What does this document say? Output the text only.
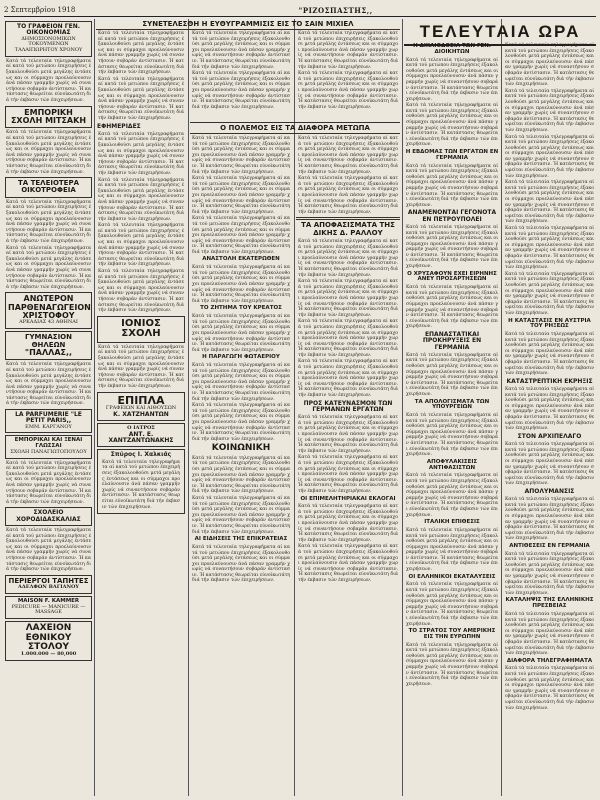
2 Σεπτεμβρίου 1918	"ΡΙΖΟΣΠΑΣΤΗΣ,,
ΤΟ ΓΡΑΦΕΙΟΝ ΓΕΝ. ΟΙΚΟΝΟΜΙΑΣ
ΔΗΜΟΣΙΟΝΟΜΙΚΩΝ ΤΟΚΟΥΜΕΝΩΝ ΤΑΛΑΙΠΩΡΗΤΟΥ ΧΡΟΝΟΥ
Κατά τά τελευταία τηλεγραφήματα αί κατά τού μετώπου έπιχειρήσεις έξακολουθούσι μετά μεγάλης έντάσεως και οι σύμμαχοι προελαύνουσιν άνά πάσαν γραμμήν χωρίς νά συναντήσουν σοβαράν άντίστασιν. Ή κατάστασις θεωρείται εύνοϊκωτάτη διά τήν έκβασιν τών έπιχειρήσεων.
ΕΜΠΟΡΙΚΗ ΣΧΟΛΗ ΜΙΤΣΑΚΗ
Κατά τά τελευταία τηλεγραφήματα αί κατά τού μετώπου έπιχειρήσεις έξακολουθούσι μετά μεγάλης έντάσεως και οι σύμμαχοι προελαύνουσιν άνά πάσαν γραμμήν χωρίς νά συναντήσουν σοβαράν άντίστασιν. Ή κατάστασις θεωρείται εύνοϊκωτάτη διά τήν έκβασιν τών έπιχειρήσεων.
ΤΑ ΤΕΛΕΙΟΤΕΡΑ ΟΙΚΟΤΡΟΦΕΙΑ
Κατά τά τελευταία τηλεγραφήματα αί κατά τού μετώπου έπιχειρήσεις έξακολουθούσι μετά μεγάλης έντάσεως και οι σύμμαχοι προελαύνουσιν άνά πάσαν γραμμήν χωρίς νά συναντήσουν σοβαράν άντίστασιν. Ή κατάστασις θεωρείται εύνοϊκωτάτη διά τήν έκβασιν τών έπιχειρήσεων.
Κατά τά τελευταία τηλεγραφήματα αί κατά τού μετώπου έπιχειρήσεις έξακολουθούσι μετά μεγάλης έντάσεως και οι σύμμαχοι προελαύνουσιν άνά πάσαν γραμμήν χωρίς νά συναντήσουν σοβαράν άντίστασιν. Ή κατάστασις θεωρείται εύνοϊκωτάτη διά τήν έκβασιν τών έπιχειρήσεων.
ΑΝΩΤΕΡΟΝ ΠΑΡΘΕΝΑΓΩΓΕΙΟΝ ΧΡΙΣΤΟΦΟΥ
ΑΡΚΑΔΙΑΣ 43 ΑΘΗΝΑΙ
ΓΥΜΝΑΣΙΟΝ ΘΗΛΕΩΝ
"ΠΑΛΛΑΣ,,
Κατά τά τελευταία τηλεγραφήματα αί κατά τού μετώπου έπιχειρήσεις έξακολουθούσι μετά μεγάλης έντάσεως και οι σύμμαχοι προελαύνουσιν άνά πάσαν γραμμήν χωρίς νά συναντήσουν σοβαράν άντίστασιν. Ή κατάστασις θεωρείται εύνοϊκωτάτη διά τήν έκβασιν τών έπιχειρήσεων.
LA PARFUMERIE "LE PETIT PARIS,,
ΕΜΜ. ΚΑΡΓΑΝΟΥ
ΕΜΠΟΡΙΚΑΙ ΚΑΙ ΞΕΝΑΙ ΓΛΩΣΣΑΙ
ΣΧΟΛΗ ΠΑΝΑΓΙΩΤΟΠΟΥΛΟΥ
Κατά τά τελευταία τηλεγραφήματα αί κατά τού μετώπου έπιχειρήσεις έξακολουθούσι μετά μεγάλης έντάσεως και οι σύμμαχοι προελαύνουσιν άνά πάσαν γραμμήν χωρίς νά συναντήσουν σοβαράν άντίστασιν. Ή κατάστασις θεωρείται εύνοϊκωτάτη διά τήν έκβασιν τών έπιχειρήσεων.
ΣΧΟΛΕΙΟ ΧΟΡΟΔΙΔΑΣΚΑΛΙΑΣ
Κατά τά τελευταία τηλεγραφήματα αί κατά τού μετώπου έπιχειρήσεις έξακολουθούσι μετά μεγάλης έντάσεως και οι σύμμαχοι προελαύνουσιν άνά πάσαν γραμμήν χωρίς νά συναντήσουν σοβαράν άντίστασιν. Ή κατάστασις θεωρείται εύνοϊκωτάτη διά τήν έκβασιν τών έπιχειρήσεων.
ΠΕΡΙΕΡΓΟΙ ΤΑΠΗΤΕΣ
ΑΔΕΛΦΩΝ ΒΑΓΙΑΝΟΥ
MAISON F. KAMMER
PEDICURE — MANICURE — MASSAGE
ΛΑΧΕΙΟΝ ΕΘΝΙΚΟΥ ΣΤΟΛΟΥ
1.000.000 — 80,000
ΣΥΝΕΤΕΛΕΣΘΗ Η ΕΥΘΥΓΡΑΜΜΙΣΙΣ ΕΙΣ ΤΟ ΣΑΙΝ ΜΙΧΙΕΛ
Κατά τά τελευταία τηλεγραφήματα αί κατά τού μετώπου έπιχειρήσεις έξακολουθούσι μετά μεγάλης έντάσεως και οι σύμμαχοι προελαύνουσιν άνά πάσαν γραμμήν χωρίς νά συναντήσουν σοβαράν άντίστασιν. Ή κατάστασις θεωρείται εύνοϊκωτάτη διά τήν έκβασιν τών έπιχειρήσεων.
Κατά τά τελευταία τηλεγραφήματα αί κατά τού μετώπου έπιχειρήσεις έξακολουθούσι μετά μεγάλης έντάσεως και οι σύμμαχοι προελαύνουσιν άνά πάσαν γραμμήν χωρίς νά συναντήσουν σοβαράν άντίστασιν. Ή κατάστασις θεωρείται εύνοϊκωτάτη διά τήν έκβασιν τών έπιχειρήσεων.
ΕΦΗΜΕΡΙΔΕΣ
Κατά τά τελευταία τηλεγραφήματα αί κατά τού μετώπου έπιχειρήσεις έξακολουθούσι μετά μεγάλης έντάσεως και οι σύμμαχοι προελαύνουσιν άνά πάσαν γραμμήν χωρίς νά συναντήσουν σοβαράν άντίστασιν. Ή κατάστασις θεωρείται εύνοϊκωτάτη διά τήν έκβασιν τών έπιχειρήσεων.
Κατά τά τελευταία τηλεγραφήματα αί κατά τού μετώπου έπιχειρήσεις έξακολουθούσι μετά μεγάλης έντάσεως και οι σύμμαχοι προελαύνουσιν άνά πάσαν γραμμήν χωρίς νά συναντήσουν σοβαράν άντίστασιν. Ή κατάστασις θεωρείται εύνοϊκωτάτη διά τήν έκβασιν τών έπιχειρήσεων.
Κατά τά τελευταία τηλεγραφήματα αί κατά τού μετώπου έπιχειρήσεις έξακολουθούσι μετά μεγάλης έντάσεως και οι σύμμαχοι προελαύνουσιν άνά πάσαν γραμμήν χωρίς νά συναντήσουν σοβαράν άντίστασιν. Ή κατάστασις θεωρείται εύνοϊκωτάτη διά τήν έκβασιν τών έπιχειρήσεων.
Κατά τά τελευταία τηλεγραφήματα αί κατά τού μετώπου έπιχειρήσεις έξακολουθούσι μετά μεγάλης έντάσεως και οι σύμμαχοι προελαύνουσιν άνά πάσαν γραμμήν χωρίς νά συναντήσουν σοβαράν άντίστασιν. Ή κατάστασις θεωρείται εύνοϊκωτάτη διά τήν έκβασιν τών έπιχειρήσεων.
ΙΟΝΙΟΣ ΣΧΟΛΗ
Κατά τά τελευταία τηλεγραφήματα αί κατά τού μετώπου έπιχειρήσεις έξακολουθούσι μετά μεγάλης έντάσεως και οι σύμμαχοι προελαύνουσιν άνά πάσαν γραμμήν χωρίς νά συναντήσουν σοβαράν άντίστασιν. Ή κατάστασις θεωρείται εύνοϊκωτάτη διά τήν έκβασιν τών έπιχειρήσεων.
ΕΠΙΠΛΑ
ΓΡΑΦΕΙΩΝ ΚΑΙ ΑΙΘΟΥΣΩΝ
Κ. ΧΑΤΖΗΑΝΤΩΝ
Ο ΙΑΤΡΟΣ
ΑΝΤ. Ε. ΧΑΝΤΖΑΝΤΩΝΑΚΗΣ
Σπύρος Ι. Χαλκιάς
Κατά τά τελευταία τηλεγραφήματα αί κατά τού μετώπου έπιχειρήσεις έξακολουθούσι μετά μεγάλης έντάσεως και οι σύμμαχοι προελαύνουσιν άνά πάσαν γραμμήν χωρίς νά συναντήσουν σοβαράν άντίστασιν. Ή κατάστασις θεωρείται εύνοϊκωτάτη διά τήν έκβασιν τών έπιχειρήσεων.
Κατά τά τελευταία τηλεγραφήματα αί κατά τού μετώπου έπιχειρήσεις έξακολουθούσι μετά μεγάλης έντάσεως και οι σύμμαχοι προελαύνουσιν άνά πάσαν γραμμήν χωρίς νά συναντήσουν σοβαράν άντίστασιν. Ή κατάστασις θεωρείται εύνοϊκωτάτη διά τήν έκβασιν τών έπιχειρήσεων.
Κατά τά τελευταία τηλεγραφήματα αί κατά τού μετώπου έπιχειρήσεις έξακολουθούσι μετά μεγάλης έντάσεως και οι σύμμαχοι προελαύνουσιν άνά πάσαν γραμμήν χωρίς νά συναντήσουν σοβαράν άντίστασιν. Ή κατάστασις θεωρείται εύνοϊκωτάτη διά τήν έκβασιν τών έπιχειρήσεων.
Ο ΠΟΛΕΜΟΣ ΕΙΣ ΤΑ ΔΙΑΦΟΡΑ ΜΕΤΩΠΑ
Κατά τά τελευταία τηλεγραφήματα αί κατά τού μετώπου έπιχειρήσεις έξακολουθούσι μετά μεγάλης έντάσεως και οι σύμμαχοι προελαύνουσιν άνά πάσαν γραμμήν χωρίς νά συναντήσουν σοβαράν άντίστασιν. Ή κατάστασις θεωρείται εύνοϊκωτάτη διά τήν έκβασιν τών έπιχειρήσεων.
Κατά τά τελευταία τηλεγραφήματα αί κατά τού μετώπου έπιχειρήσεις έξακολουθούσι μετά μεγάλης έντάσεως και οι σύμμαχοι προελαύνουσιν άνά πάσαν γραμμήν χωρίς νά συναντήσουν σοβαράν άντίστασιν. Ή κατάστασις θεωρείται εύνοϊκωτάτη διά τήν έκβασιν τών έπιχειρήσεων.
Κατά τά τελευταία τηλεγραφήματα αί κατά τού μετώπου έπιχειρήσεις έξακολουθούσι μετά μεγάλης έντάσεως και οι σύμμαχοι προελαύνουσιν άνά πάσαν γραμμήν χωρίς νά συναντήσουν σοβαράν άντίστασιν. Ή κατάστασις θεωρείται εύνοϊκωτάτη διά τήν έκβασιν τών έπιχειρήσεων.
ΑΝΑΣΤΟΛΗ ΕΚΑΤΕΡΩΘΕΝ
Κατά τά τελευταία τηλεγραφήματα αί κατά τού μετώπου έπιχειρήσεις έξακολουθούσι μετά μεγάλης έντάσεως και οι σύμμαχοι προελαύνουσιν άνά πάσαν γραμμήν χωρίς νά συναντήσουν σοβαράν άντίστασιν. Ή κατάστασις θεωρείται εύνοϊκωτάτη διά τήν έκβασιν τών έπιχειρήσεων.
ΤΟ ΖΗΤΗΜΑ ΤΟΥ ΚΡΕΑΤΟΣ
Κατά τά τελευταία τηλεγραφήματα αί κατά τού μετώπου έπιχειρήσεις έξακολουθούσι μετά μεγάλης έντάσεως και οι σύμμαχοι προελαύνουσιν άνά πάσαν γραμμήν χωρίς νά συναντήσουν σοβαράν άντίστασιν. Ή κατάστασις θεωρείται εύνοϊκωτάτη διά τήν έκβασιν τών έπιχειρήσεων.
Η ΠΑΡΑΓΩΓΗ ΦΩΤΑΕΡΙΟΥ
Κατά τά τελευταία τηλεγραφήματα αί κατά τού μετώπου έπιχειρήσεις έξακολουθούσι μετά μεγάλης έντάσεως και οι σύμμαχοι προελαύνουσιν άνά πάσαν γραμμήν χωρίς νά συναντήσουν σοβαράν άντίστασιν. Ή κατάστασις θεωρείται εύνοϊκωτάτη διά τήν έκβασιν τών έπιχειρήσεων.
Κατά τά τελευταία τηλεγραφήματα αί κατά τού μετώπου έπιχειρήσεις έξακολουθούσι μετά μεγάλης έντάσεως και οι σύμμαχοι προελαύνουσιν άνά πάσαν γραμμήν χωρίς νά συναντήσουν σοβαράν άντίστασιν. Ή κατάστασις θεωρείται εύνοϊκωτάτη διά τήν έκβασιν τών έπιχειρήσεων.
ΚΟΙΝΩΝΙΚΗ
Κατά τά τελευταία τηλεγραφήματα αί κατά τού μετώπου έπιχειρήσεις έξακολουθούσι μετά μεγάλης έντάσεως και οι σύμμαχοι προελαύνουσιν άνά πάσαν γραμμήν χωρίς νά συναντήσουν σοβαράν άντίστασιν. Ή κατάστασις θεωρείται εύνοϊκωτάτη διά τήν έκβασιν τών έπιχειρήσεων.
Κατά τά τελευταία τηλεγραφήματα αί κατά τού μετώπου έπιχειρήσεις έξακολουθούσι μετά μεγάλης έντάσεως και οι σύμμαχοι προελαύνουσιν άνά πάσαν γραμμήν χωρίς νά συναντήσουν σοβαράν άντίστασιν. Ή κατάστασις θεωρείται εύνοϊκωτάτη διά τήν έκβασιν τών έπιχειρήσεων.
ΑΙ ΕΙΔΗΣΕΙΣ ΤΗΣ ΕΠΙΚΡΑΤΕΙΑΣ
Κατά τά τελευταία τηλεγραφήματα αί κατά τού μετώπου έπιχειρήσεις έξακολουθούσι μετά μεγάλης έντάσεως και οι σύμμαχοι προελαύνουσιν άνά πάσαν γραμμήν χωρίς νά συναντήσουν σοβαράν άντίστασιν. Ή κατάστασις θεωρείται εύνοϊκωτάτη διά τήν έκβασιν τών έπιχειρήσεων.
Κατά τά τελευταία τηλεγραφήματα αί κατά τού μετώπου έπιχειρήσεις έξακολουθούσι μετά μεγάλης έντάσεως και οι σύμμαχοι προελαύνουσιν άνά πάσαν γραμμήν χωρίς νά συναντήσουν σοβαράν άντίστασιν. Ή κατάστασις θεωρείται εύνοϊκωτάτη διά τήν έκβασιν τών έπιχειρήσεων.
Κατά τά τελευταία τηλεγραφήματα αί κατά τού μετώπου έπιχειρήσεις έξακολουθούσι μετά μεγάλης έντάσεως και οι σύμμαχοι προελαύνουσιν άνά πάσαν γραμμήν χωρίς νά συναντήσουν σοβαράν άντίστασιν. Ή κατάστασις θεωρείται εύνοϊκωτάτη διά τήν έκβασιν τών έπιχειρήσεων.
Κατά τά τελευταία τηλεγραφήματα αί κατά τού μετώπου έπιχειρήσεις έξακολουθούσι μετά μεγάλης έντάσεως και οι σύμμαχοι προελαύνουσιν άνά πάσαν γραμμήν χωρίς νά συναντήσουν σοβαράν άντίστασιν. Ή κατάστασις θεωρείται εύνοϊκωτάτη διά τήν έκβασιν τών έπιχειρήσεων.
Κατά τά τελευταία τηλεγραφήματα αί κατά τού μετώπου έπιχειρήσεις έξακολουθούσι μετά μεγάλης έντάσεως και οι σύμμαχοι προελαύνουσιν άνά πάσαν γραμμήν χωρίς νά συναντήσουν σοβαράν άντίστασιν. Ή κατάστασις θεωρείται εύνοϊκωτάτη διά τήν έκβασιν τών έπιχειρήσεων.
ΤΑ ΑΠΟΦΑΣΙΣΜΑΤΑ ΤΗΣ ΔΙΚΗΣ Δ. ΡΑΛΛΟΥ
Κατά τά τελευταία τηλεγραφήματα αί κατά τού μετώπου έπιχειρήσεις έξακολουθούσι μετά μεγάλης έντάσεως και οι σύμμαχοι προελαύνουσιν άνά πάσαν γραμμήν χωρίς νά συναντήσουν σοβαράν άντίστασιν. Ή κατάστασις θεωρείται εύνοϊκωτάτη διά τήν έκβασιν τών έπιχειρήσεων.
Κατά τά τελευταία τηλεγραφήματα αί κατά τού μετώπου έπιχειρήσεις έξακολουθούσι μετά μεγάλης έντάσεως και οι σύμμαχοι προελαύνουσιν άνά πάσαν γραμμήν χωρίς νά συναντήσουν σοβαράν άντίστασιν. Ή κατάστασις θεωρείται εύνοϊκωτάτη διά τήν έκβασιν τών έπιχειρήσεων.
Κατά τά τελευταία τηλεγραφήματα αί κατά τού μετώπου έπιχειρήσεις έξακολουθούσι μετά μεγάλης έντάσεως και οι σύμμαχοι προελαύνουσιν άνά πάσαν γραμμήν χωρίς νά συναντήσουν σοβαράν άντίστασιν. Ή κατάστασις θεωρείται εύνοϊκωτάτη διά τήν έκβασιν τών έπιχειρήσεων.
Κατά τά τελευταία τηλεγραφήματα αί κατά τού μετώπου έπιχειρήσεις έξακολουθούσι μετά μεγάλης έντάσεως και οι σύμμαχοι προελαύνουσιν άνά πάσαν γραμμήν χωρίς νά συναντήσουν σοβαράν άντίστασιν. Ή κατάστασις θεωρείται εύνοϊκωτάτη διά τήν έκβασιν τών έπιχειρήσεων.
ΠΡΟΣ ΚΑΤΕΥΝΑΣΜΟΝ ΤΩΝ ΓΕΡΜΑΝΩΝ ΕΡΓΑΤΩΝ
Κατά τά τελευταία τηλεγραφήματα αί κατά τού μετώπου έπιχειρήσεις έξακολουθούσι μετά μεγάλης έντάσεως και οι σύμμαχοι προελαύνουσιν άνά πάσαν γραμμήν χωρίς νά συναντήσουν σοβαράν άντίστασιν. Ή κατάστασις θεωρείται εύνοϊκωτάτη διά τήν έκβασιν τών έπιχειρήσεων.
Κατά τά τελευταία τηλεγραφήματα αί κατά τού μετώπου έπιχειρήσεις έξακολουθούσι μετά μεγάλης έντάσεως και οι σύμμαχοι προελαύνουσιν άνά πάσαν γραμμήν χωρίς νά συναντήσουν σοβαράν άντίστασιν. Ή κατάστασις θεωρείται εύνοϊκωτάτη διά τήν έκβασιν τών έπιχειρήσεων.
ΟΙ ΕΠΙΜΕΛΗΤΗΡΙΑΚΑΙ ΕΚΛΟΓΑΙ
Κατά τά τελευταία τηλεγραφήματα αί κατά τού μετώπου έπιχειρήσεις έξακολουθούσι μετά μεγάλης έντάσεως και οι σύμμαχοι προελαύνουσιν άνά πάσαν γραμμήν χωρίς νά συναντήσουν σοβαράν άντίστασιν. Ή κατάστασις θεωρείται εύνοϊκωτάτη διά τήν έκβασιν τών έπιχειρήσεων.
Κατά τά τελευταία τηλεγραφήματα αί κατά τού μετώπου έπιχειρήσεις έξακολουθούσι μετά μεγάλης έντάσεως και οι σύμμαχοι προελαύνουσιν άνά πάσαν γραμμήν χωρίς νά συναντήσουν σοβαράν άντίστασιν. Ή κατάστασις θεωρείται εύνοϊκωτάτη διά τήν έκβασιν τών έπιχειρήσεων.
ΤΕΛΕΥΤΑΙΑ ΩΡΑ
Η ΔΙΚΑΙΟΔΟΣΙΑ ΤΩΝ ΓΕΝ. ΔΙΟΙΚΗΤΩΝ
Κατά τά τελευταία τηλεγραφήματα αί κατά τού μετώπου έπιχειρήσεις έξακολουθούσι μετά μεγάλης έντάσεως και οι σύμμαχοι προελαύνουσιν άνά πάσαν γραμμήν χωρίς νά συναντήσουν σοβαράν άντίστασιν. Ή κατάστασις θεωρείται εύνοϊκωτάτη διά τήν έκβασιν τών έπιχειρήσεων.
Κατά τά τελευταία τηλεγραφήματα αί κατά τού μετώπου έπιχειρήσεις έξακολουθούσι μετά μεγάλης έντάσεως και οι σύμμαχοι προελαύνουσιν άνά πάσαν γραμμήν χωρίς νά συναντήσουν σοβαράν άντίστασιν. Ή κατάστασις θεωρείται εύνοϊκωτάτη διά τήν έκβασιν τών έπιχειρήσεων.
Η ΕΒΔΟΜΑΣ ΤΩΝ ΕΡΓΑΤΩΝ ΕΝ ΓΕΡΜΑΝΙΑ
Κατά τά τελευταία τηλεγραφήματα αί κατά τού μετώπου έπιχειρήσεις έξακολουθούσι μετά μεγάλης έντάσεως και οι σύμμαχοι προελαύνουσιν άνά πάσαν γραμμήν χωρίς νά συναντήσουν σοβαράν άντίστασιν. Ή κατάστασις θεωρείται εύνοϊκωτάτη διά τήν έκβασιν τών έπιχειρήσεων.
ΑΝΑΜΕΝΟΝΤΑΙ ΓΕΓΟΝΟΤΑ ΕΝ ΠΕΤΡΟΥΠΟΛΕΙ
Κατά τά τελευταία τηλεγραφήματα αί κατά τού μετώπου έπιχειρήσεις έξακολουθούσι μετά μεγάλης έντάσεως και οι σύμμαχοι προελαύνουσιν άνά πάσαν γραμμήν χωρίς νά συναντήσουν σοβαράν άντίστασιν. Ή κατάστασις θεωρείται εύνοϊκωτάτη διά τήν έκβασιν τών έπιχειρήσεων.
Ο ΧΡΥΣΑΦΟΥΝ ΕΧΕΙ ΕΙΡΗΝΗΣ ΑΝΕΥ ΠΡΟΣΑΡΤΗΣΕΩΝ
Κατά τά τελευταία τηλεγραφήματα αί κατά τού μετώπου έπιχειρήσεις έξακολουθούσι μετά μεγάλης έντάσεως και οι σύμμαχοι προελαύνουσιν άνά πάσαν γραμμήν χωρίς νά συναντήσουν σοβαράν άντίστασιν. Ή κατάστασις θεωρείται εύνοϊκωτάτη διά τήν έκβασιν τών έπιχειρήσεων.
ΕΠΑΝΑΣΤΑΤΙΚΑΙ ΠΡΟΚΗΡΥΞΕΙΣ ΕΝ ΓΕΡΜΑΝΙΑ
Κατά τά τελευταία τηλεγραφήματα αί κατά τού μετώπου έπιχειρήσεις έξακολουθούσι μετά μεγάλης έντάσεως και οι σύμμαχοι προελαύνουσιν άνά πάσαν γραμμήν χωρίς νά συναντήσουν σοβαράν άντίστασιν. Ή κατάστασις θεωρείται εύνοϊκωτάτη διά τήν έκβασιν τών έπιχειρήσεων.
ΤΑ ΑΠΟΛΟΓΙΣΜΑΤΑ ΤΩΝ ΥΠΟΥΡΓΕΙΩΝ
Κατά τά τελευταία τηλεγραφήματα αί κατά τού μετώπου έπιχειρήσεις έξακολουθούσι μετά μεγάλης έντάσεως και οι σύμμαχοι προελαύνουσιν άνά πάσαν γραμμήν χωρίς νά συναντήσουν σοβαράν άντίστασιν. Ή κατάστασις θεωρείται εύνοϊκωτάτη διά τήν έκβασιν τών έπιχειρήσεων.
ΑΠΟΦΥΛΑΚΙΣΕΙΣ ΑΝΤΙΦΑΣΙΣΤΩΝ
Κατά τά τελευταία τηλεγραφήματα αί κατά τού μετώπου έπιχειρήσεις έξακολουθούσι μετά μεγάλης έντάσεως και οι σύμμαχοι προελαύνουσιν άνά πάσαν γραμμήν χωρίς νά συναντήσουν σοβαράν άντίστασιν. Ή κατάστασις θεωρείται εύνοϊκωτάτη διά τήν έκβασιν τών έπιχειρήσεων.
ΙΤΑΛΙΚΗ ΕΠΙΘΕΣΙΣ
Κατά τά τελευταία τηλεγραφήματα αί κατά τού μετώπου έπιχειρήσεις έξακολουθούσι μετά μεγάλης έντάσεως και οι σύμμαχοι προελαύνουσιν άνά πάσαν γραμμήν χωρίς νά συναντήσουν σοβαράν άντίστασιν. Ή κατάστασις θεωρείται εύνοϊκωτάτη διά τήν έκβασιν τών έπιχειρήσεων.
ΟΙ ΕΛΛΗΝΙΚΟΙ ΕΚΑΤΑΛΥΣΕΙΣ
Κατά τά τελευταία τηλεγραφήματα αί κατά τού μετώπου έπιχειρήσεις έξακολουθούσι μετά μεγάλης έντάσεως και οι σύμμαχοι προελαύνουσιν άνά πάσαν γραμμήν χωρίς νά συναντήσουν σοβαράν άντίστασιν. Ή κατάστασις θεωρείται εύνοϊκωτάτη διά τήν έκβασιν τών έπιχειρήσεων.
ΤΟ ΣΤΡΑΤΟΣ ΤΟΥ ΑΜΕΡΙΚΗΣ ΕΙΣ ΤΗΝ ΕΥΡΩΠΗΝ
Κατά τά τελευταία τηλεγραφήματα αί κατά τού μετώπου έπιχειρήσεις έξακολουθούσι μετά μεγάλης έντάσεως και οι σύμμαχοι προελαύνουσιν άνά πάσαν γραμμήν χωρίς νά συναντήσουν σοβαράν άντίστασιν. Ή κατάστασις θεωρείται εύνοϊκωτάτη διά τήν έκβασιν τών έπιχειρήσεων.
Κατά τά τελευταία τηλεγραφήματα αί κατά τού μετώπου έπιχειρήσεις έξακολουθούσι μετά μεγάλης έντάσεως και οι σύμμαχοι προελαύνουσιν άνά πάσαν γραμμήν χωρίς νά συναντήσουν σοβαράν άντίστασιν. Ή κατάστασις θεωρείται εύνοϊκωτάτη διά τήν έκβασιν τών έπιχειρήσεων.
Κατά τά τελευταία τηλεγραφήματα αί κατά τού μετώπου έπιχειρήσεις έξακολουθούσι μετά μεγάλης έντάσεως και οι σύμμαχοι προελαύνουσιν άνά πάσαν γραμμήν χωρίς νά συναντήσουν σοβαράν άντίστασιν. Ή κατάστασις θεωρείται εύνοϊκωτάτη διά τήν έκβασιν τών έπιχειρήσεων.
Κατά τά τελευταία τηλεγραφήματα αί κατά τού μετώπου έπιχειρήσεις έξακολουθούσι μετά μεγάλης έντάσεως και οι σύμμαχοι προελαύνουσιν άνά πάσαν γραμμήν χωρίς νά συναντήσουν σοβαράν άντίστασιν. Ή κατάστασις θεωρείται εύνοϊκωτάτη διά τήν έκβασιν τών έπιχειρήσεων.
Κατά τά τελευταία τηλεγραφήματα αί κατά τού μετώπου έπιχειρήσεις έξακολουθούσι μετά μεγάλης έντάσεως και οι σύμμαχοι προελαύνουσιν άνά πάσαν γραμμήν χωρίς νά συναντήσουν σοβαράν άντίστασιν. Ή κατάστασις θεωρείται εύνοϊκωτάτη διά τήν έκβασιν τών έπιχειρήσεων.
Κατά τά τελευταία τηλεγραφήματα αί κατά τού μετώπου έπιχειρήσεις έξακολουθούσι μετά μεγάλης έντάσεως και οι σύμμαχοι προελαύνουσιν άνά πάσαν γραμμήν χωρίς νά συναντήσουν σοβαράν άντίστασιν. Ή κατάστασις θεωρείται εύνοϊκωτάτη διά τήν έκβασιν τών έπιχειρήσεων.
Κατά τά τελευταία τηλεγραφήματα αί κατά τού μετώπου έπιχειρήσεις έξακολουθούσι μετά μεγάλης έντάσεως και οι σύμμαχοι προελαύνουσιν άνά πάσαν γραμμήν χωρίς νά συναντήσουν σοβαράν άντίστασιν. Ή κατάστασις θεωρείται εύνοϊκωτάτη διά τήν έκβασιν τών έπιχειρήσεων.
Η ΚΑΤΑΣΤΑΣΙΣ ΕΝ ΑΥΣΤΡΙΑ ΤΟΥ ΡΗΞΕΩΣ
Κατά τά τελευταία τηλεγραφήματα αί κατά τού μετώπου έπιχειρήσεις έξακολουθούσι μετά μεγάλης έντάσεως και οι σύμμαχοι προελαύνουσιν άνά πάσαν γραμμήν χωρίς νά συναντήσουν σοβαράν άντίστασιν. Ή κατάστασις θεωρείται εύνοϊκωτάτη διά τήν έκβασιν τών έπιχειρήσεων.
ΚΑΤΑΣΤΡΕΠΤΙΚΗ ΕΚΡΗΞΙΣ
Κατά τά τελευταία τηλεγραφήματα αί κατά τού μετώπου έπιχειρήσεις έξακολουθούσι μετά μεγάλης έντάσεως και οι σύμμαχοι προελαύνουσιν άνά πάσαν γραμμήν χωρίς νά συναντήσουν σοβαράν άντίστασιν. Ή κατάστασις θεωρείται εύνοϊκωτάτη διά τήν έκβασιν τών έπιχειρήσεων.
ΣΤΟΝ ΑΡΧΙΠΕΛΑΓΟ
Κατά τά τελευταία τηλεγραφήματα αί κατά τού μετώπου έπιχειρήσεις έξακολουθούσι μετά μεγάλης έντάσεως και οι σύμμαχοι προελαύνουσιν άνά πάσαν γραμμήν χωρίς νά συναντήσουν σοβαράν άντίστασιν. Ή κατάστασις θεωρείται εύνοϊκωτάτη διά τήν έκβασιν τών έπιχειρήσεων.
ΑΠΟΛΥΜΑΝΣΙΣ
Κατά τά τελευταία τηλεγραφήματα αί κατά τού μετώπου έπιχειρήσεις έξακολουθούσι μετά μεγάλης έντάσεως και οι σύμμαχοι προελαύνουσιν άνά πάσαν γραμμήν χωρίς νά συναντήσουν σοβαράν άντίστασιν. Ή κατάστασις θεωρείται εύνοϊκωτάτη διά τήν έκβασιν τών έπιχειρήσεων.
ΑΝΤΙΘΕΣΕΙΣ ΕΝ ΓΕΡΜΑΝΙΑ
Κατά τά τελευταία τηλεγραφήματα αί κατά τού μετώπου έπιχειρήσεις έξακολουθούσι μετά μεγάλης έντάσεως και οι σύμμαχοι προελαύνουσιν άνά πάσαν γραμμήν χωρίς νά συναντήσουν σοβαράν άντίστασιν. Ή κατάστασις θεωρείται εύνοϊκωτάτη διά τήν έκβασιν τών έπιχειρήσεων.
ΚΑΤΑΛΗΨΙΣ ΤΗΣ ΕΛΛΗΝΙΚΗΣ ΠΡΕΣΒΕΙΑΣ
Κατά τά τελευταία τηλεγραφήματα αί κατά τού μετώπου έπιχειρήσεις έξακολουθούσι μετά μεγάλης έντάσεως και οι σύμμαχοι προελαύνουσιν άνά πάσαν γραμμήν χωρίς νά συναντήσουν σοβαράν άντίστασιν. Ή κατάστασις θεωρείται εύνοϊκωτάτη διά τήν έκβασιν τών έπιχειρήσεων.
ΔΙΑΦΟΡΑ ΤΗΛΕΓΡΑΦΗΜΑΤΑ
Κατά τά τελευταία τηλεγραφήματα αί κατά τού μετώπου έπιχειρήσεις έξακολουθούσι μετά μεγάλης έντάσεως και οι σύμμαχοι προελαύνουσιν άνά πάσαν γραμμήν χωρίς νά συναντήσουν σοβαράν άντίστασιν. Ή κατάστασις θεωρείται εύνοϊκωτάτη διά τήν έκβασιν τών έπιχειρήσεων.
